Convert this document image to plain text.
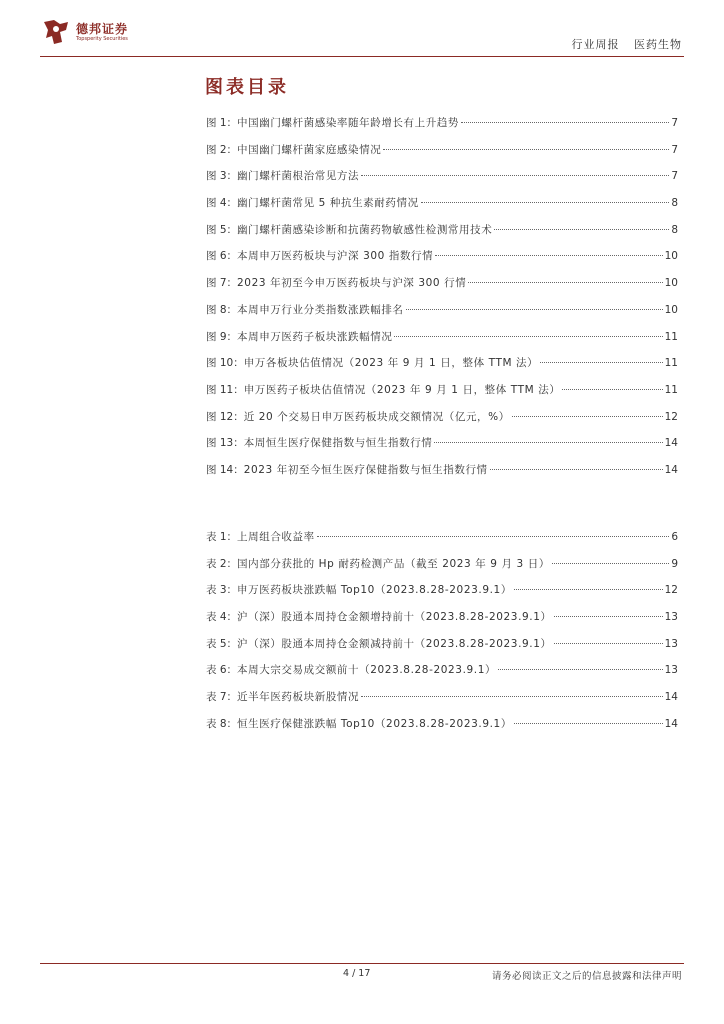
德邦证券
Topsperity Securities	行业周报 医药生物
图表目录
图 1 ： 中国幽门螺杆菌感染率随年龄增长有上升趋势	7
图 2 ： 中国幽门螺杆菌家庭感染情况	7
图 3 ： 幽门螺杆菌根治常见方法	7
图 4 ： 幽门螺杆菌常见 5 种抗生素耐药情况	8
图 5 ： 幽门螺杆菌感染诊断和抗菌药物敏感性检测常用技术	8
图 6 ： 本周申万医药板块与沪深 300 指数行情	10
图 7 ： 2023 年初至今申万医药板块与沪深 300 行情	10
图 8 ： 本周申万行业分类指数涨跌幅排名	10
图 9 ： 本周申万医药子板块涨跌幅情况	11
图 10 ： 申万各板块估值情况（2023 年 9 月 1 日，整体 TTM 法）	11
图 11 ： 申万医药子板块估值情况（2023 年 9 月 1 日，整体 TTM 法）	11
图 12 ： 近 20 个交易日申万医药板块成交额情况（亿元，%）	12
图 13 ： 本周恒生医疗保健指数与恒生指数行情	14
图 14 ： 2023 年初至今恒生医疗保健指数与恒生指数行情	14
表 1 ： 上周组合收益率	6
表 2 ： 国内部分获批的 Hp 耐药检测产品（截至 2023 年 9 月 3 日）	9
表 3 ： 申万医药板块涨跌幅 Top10（2023.8.28-2023.9.1）	12
表 4 ： 沪（深）股通本周持仓金额增持前十（2023.8.28-2023.9.1）	13
表 5 ： 沪（深）股通本周持仓金额减持前十（2023.8.28-2023.9.1）	13
表 6 ： 本周大宗交易成交额前十（2023.8.28-2023.9.1）	13
表 7 ： 近半年医药板块新股情况	14
表 8 ： 恒生医疗保健涨跌幅 Top10（2023.8.28-2023.9.1）	14
4 / 17	请务必阅读正文之后的信息披露和法律声明
